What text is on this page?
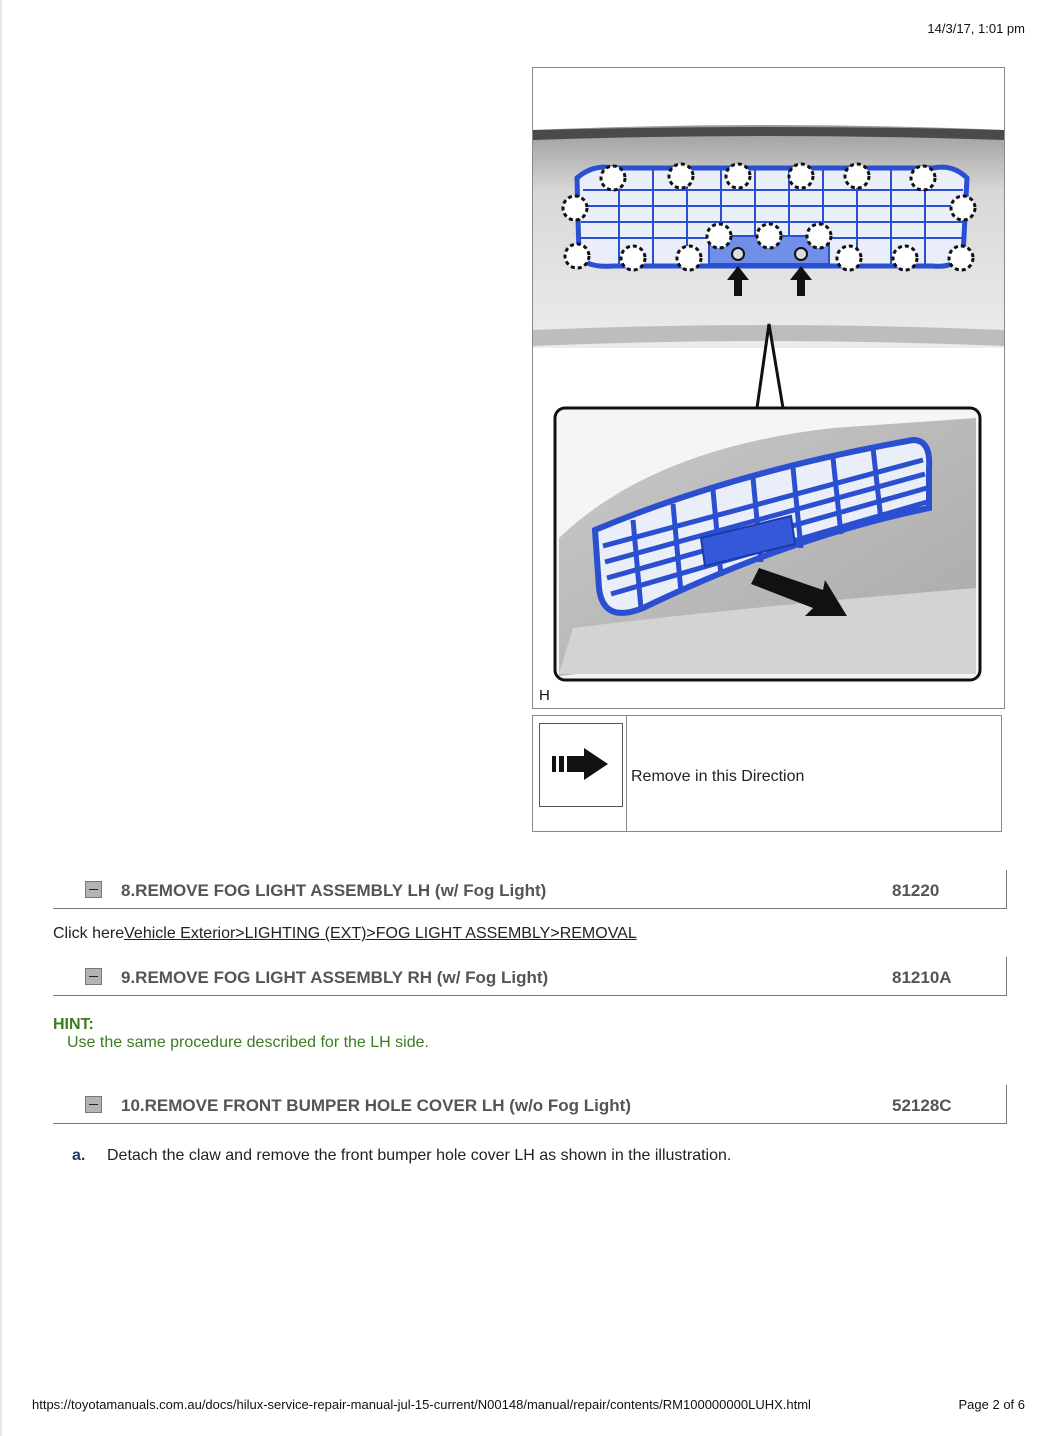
14/3/17, 1:01 pm
H
Remove in this Direction
8.REMOVE FOG LIGHT ASSEMBLY LH (w/ Fog Light)	81220
Click hereVehicle Exterior>LIGHTING (EXT)>FOG LIGHT ASSEMBLY>REMOVAL
9.REMOVE FOG LIGHT ASSEMBLY RH (w/ Fog Light)	81210A
HINT:
Use the same procedure described for the LH side.
10.REMOVE FRONT BUMPER HOLE COVER LH (w/o Fog Light)	52128C
a. Detach the claw and remove the front bumper hole cover LH as shown in the illustration.
https://toyotamanuals.com.au/docs/hilux-service-repair-manual-jul-15-current/N00148/manual/repair/contents/RM100000000LUHX.html	Page 2 of 6
